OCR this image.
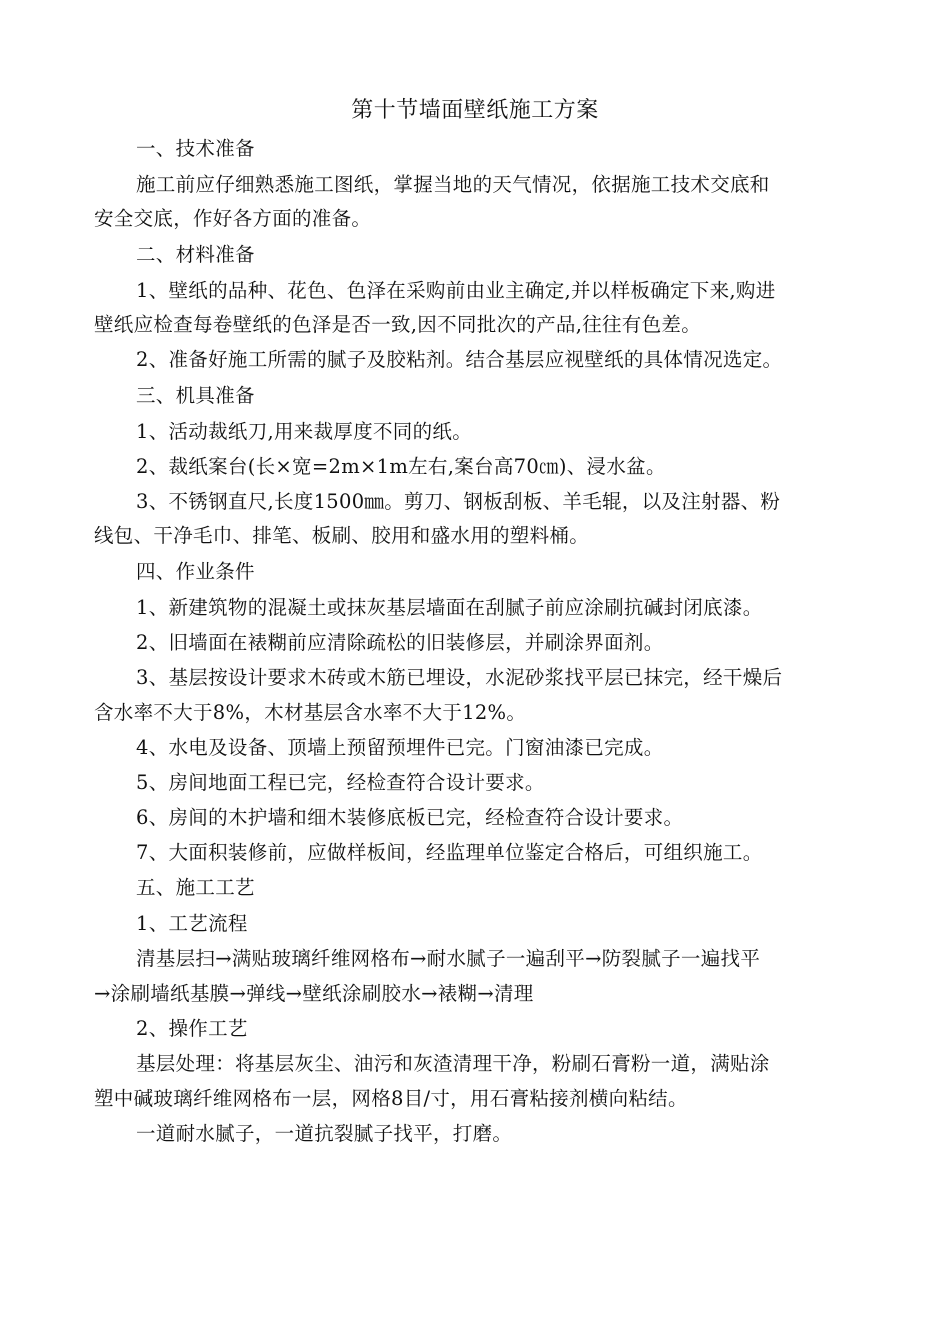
第十节墙面壁纸施工方案
一、技术准备
施工前应仔细熟悉施工图纸，掌握当地的天气情况，依据施工技术交底和
安全交底，作好各方面的准备。
二、材料准备
1、壁纸的品种、花色、色泽在采购前由业主确定,并以样板确定下来,购进
壁纸应检查每卷壁纸的色泽是否一致,因不同批次的产品,往往有色差。
2、准备好施工所需的腻子及胶粘剂。结合基层应视壁纸的具体情况选定。
三、机具准备
1、活动裁纸刀,用来裁厚度不同的纸。
2、裁纸案台(长×宽=2m×1m左右,案台高70㎝)、浸水盆。
3、不锈钢直尺,长度1500㎜。剪刀、钢板刮板、羊毛辊，以及注射器、粉
线包、干净毛巾、排笔、板刷、胶用和盛水用的塑料桶。
四、作业条件
1、新建筑物的混凝土或抹灰基层墙面在刮腻子前应涂刷抗碱封闭底漆。
2、旧墙面在裱糊前应清除疏松的旧装修层，并刷涂界面剂。
3、基层按设计要求木砖或木筋已埋设，水泥砂浆找平层已抹完，经干燥后
含水率不大于8%，木材基层含水率不大于12%。
4、水电及设备、顶墙上预留预埋件已完。门窗油漆已完成。
5、房间地面工程已完，经检查符合设计要求。
6、房间的木护墙和细木装修底板已完，经检查符合设计要求。
7、大面积装修前，应做样板间，经监理单位鉴定合格后，可组织施工。
五、施工工艺
1、工艺流程
清基层扫→满贴玻璃纤维网格布→耐水腻子一遍刮平→防裂腻子一遍找平
→涂刷墙纸基膜→弹线→壁纸涂刷胶水→裱糊→清理
2、操作工艺
基层处理：将基层灰尘、油污和灰渣清理干净，粉刷石膏粉一道，满贴涂
塑中碱玻璃纤维网格布一层，网格8目/寸，用石膏粘接剂横向粘结。
一道耐水腻子，一道抗裂腻子找平，打磨。
